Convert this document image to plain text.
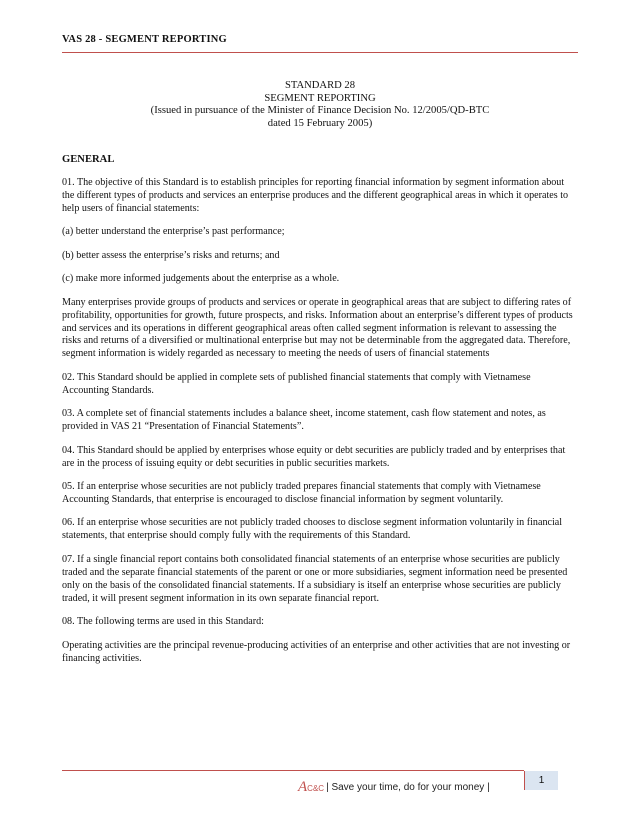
VAS 28 - SEGMENT REPORTING
STANDARD 28
SEGMENT REPORTING
(Issued in pursuance of the Minister of Finance Decision No. 12/2005/QD-BTC
dated 15 February 2005)
GENERAL

01. The objective of this Standard is to establish principles for reporting financial information by segment information about the different types of products and services an enterprise produces and the different geographical areas in which it operates to help users of financial statements:

(a) better understand the enterprise’s past performance;

(b) better assess the enterprise’s risks and returns; and

(c) make more informed judgements about the enterprise as a whole.

Many enterprises provide groups of products and services or operate in geographical areas that are subject to differing rates of profitability, opportunities for growth, future prospects, and risks. Information about an enterprise’s different types of products and services and its operations in different geographical areas often called segment information is relevant to assessing the risks and returns of a diversified or multinational enterprise but may not be determinable from the aggregated data. Therefore, segment information is widely regarded as necessary to meeting the needs of users of financial statements

02. This Standard should be applied in complete sets of published financial statements that comply with Vietnamese Accounting Standards.

03. A complete set of financial statements includes a balance sheet, income statement, cash flow statement and notes, as provided in VAS 21 “Presentation of Financial Statements”.

04. This Standard should be applied by enterprises whose equity or debt securities are publicly traded and by enterprises that are in the process of issuing equity or debt securities in public securities markets.

05. If an enterprise whose securities are not publicly traded prepares financial statements that comply with Vietnamese Accounting Standards, that enterprise is encouraged to disclose financial information by segment voluntarily.

06. If an enterprise whose securities are not publicly traded chooses to disclose segment information voluntarily in financial statements, that enterprise should comply fully with the requirements of this Standard.

07. If a single financial report contains both consolidated financial statements of an enterprise whose securities are publicly traded and the separate financial statements of the parent or one or more subsidiaries, segment information need be presented only on the basis of the consolidated financial statements. If a subsidiary is itself an enterprise whose securities are publicly traded, it will present segment information in its own separate financial report.

08. The following terms are used in this Standard:

Operating activities are the principal revenue-producing activities of an enterprise and other activities that are not investing or financing activities.

A C&C | Save your time, do for your money |
1
